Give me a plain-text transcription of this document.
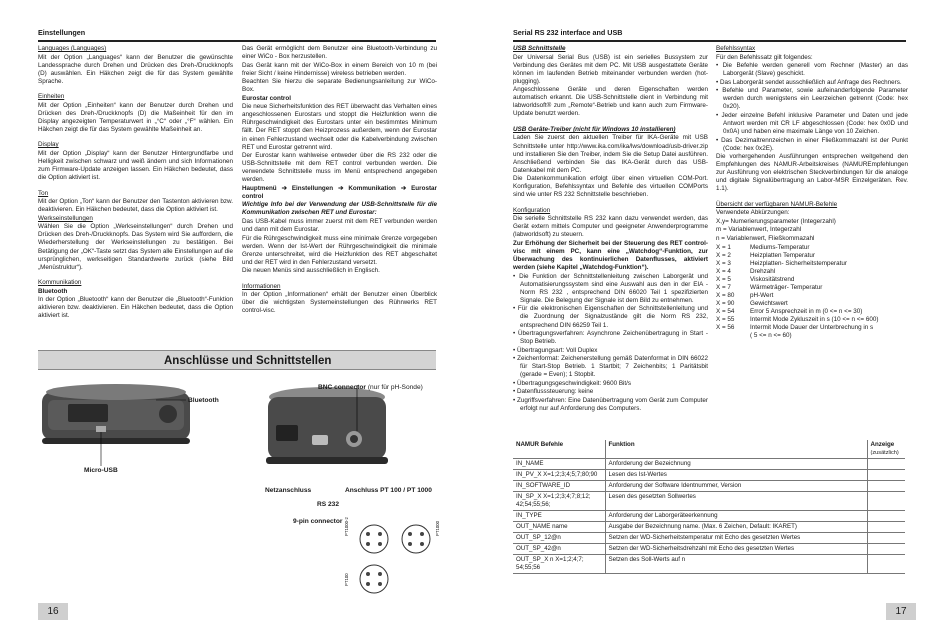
Einstellungen

Languages (Languages)

Mit der Option „Languages“ kann der Benutzer die gewünschte Landessprache durch Drehen und Drücken des Dreh-/Druckknopfs (D) auswählen. Ein Häkchen zeigt die für das System gewählte Sprache.

Einheiten

Mit der Option „Einheiten“ kann der Benutzer durch Drehen und Drücken des Dreh-/Druckknopfs (D) die Maßeinheit für den im Display angezeigten Temperaturwert in „°C“ oder „°F“ wählen. Ein Häkchen zeigt die für das System gewählte Maßeinheit an.

Display

Mit der Option „Display“ kann der Benutzer Hintergrundfarbe und Helligkeit zwischen schwarz und weiß ändern und sich Informationen zum Firmware-Update anzeigen lassen. Ein Häkchen bedeutet, dass die Option aktiviert ist.

Ton

Mit der Option „Ton“ kann der Benutzer den Tastenton aktivieren bzw. deaktivieren. Ein Häkchen bedeutet, dass die Option aktiviert ist.

Werkseinstellungen

Wählen Sie die Option „Werkseinstellungen“ durch Drehen und Drücken des Dreh-/Druckknopfs. Das System wird Sie auffordern, die Wiederherstellung der Werkseinstellungen zu bestätigen. Bei Betätigung der „OK“-Taste setzt das System alle Einstellungen auf die ursprünglichen, werkseitigen Standardwerte zurück (siehe Bild „Menüstruktur“).

Kommunikation

Bluetooth

In der Option „Bluetooth“ kann der Benutzer die „Bluetooth“-Funktion aktivieren bzw. deaktivieren. Ein Häkchen bedeutet, dass die Option aktiviert ist.

Das Gerät ermöglicht dem Benutzer eine Bluetooth-Verbindung zu einer WiCo - Box herzustellen.

Das Gerät kann mit der WiCo-Box in einem Bereich von 10 m (bei freier Sicht / keine Hindernisse) wireless betrieben werden.

Beachten Sie hierzu die separate Bedienungsanleitung zur WiCo-Box.

Eurostar control

Die neue Sicherheitsfunktion des RET überwacht das Verhalten eines angeschlossenen Eurostars und stoppt die Heizfunktion wenn die Rührgeschwindigkeit des Eurostars unter ein bestimmtes Minimum fällt. Der RET stoppt den Heizprozess außerdem, wenn der Eurostar in einen Fehlerzustand wechselt oder die Kabelverbindung zwischen RET und Eurostar getrennt wird.

Der Eurostar kann wahlweise entweder über die RS 232 oder die USB-Schnittstelle mit dem RET control verbunden werden. Die verwendete Schnittstelle muss im Menü entsprechend angegeben werden.

Hauptmenü ➔ Einstellungen ➔ Kommunikation ➔ Eurostar control

Wichtige Info bei der Verwendung der USB-Schnittstelle für die Kommunikation zwischen RET und Eurostar:

Das USB-Kabel muss immer zuerst mit dem RET verbunden werden und dann mit dem Eurostar.

Für die Rührgeschwindigkeit muss eine minimale Grenze vorgegeben werden. Wenn der Ist-Wert der Rührgeschwindigkeit die minimale Grenze unterschreitet, wird die Heizfunktion des RET abgeschaltet und der RET wird in den Fehlerzustand versetzt.

Die neuen Menüs sind ausschließlich in Englisch.

Informationen

In der Option „Informationen“ erhält der Benutzer einen Überblick über die wichtigsten Systemeinstellungen des Rührwerks RET control-visc.

Anschlüsse und Schnittstellen
Bluetooth
Micro-USB
BNC connector (nur für pH-Sonde)
Netzanschluss	Anschluss PT 100 / PT 1000
RS 232
9-pin connector PT1000-2	PT1000
PT100
16
Serial RS 232 interface and USB

USB Schnittstelle

Der Universal Serial Bus (USB) ist ein serielles Bussystem zur Verbindung des Gerätes mit dem PC. Mit USB ausgestattete Geräte können im laufenden Betrieb miteinander verbunden werden (hot-plugging).

Angeschlossene Geräte und deren Eigenschaften werden automatisch erkannt. Die USB-Schnittstelle dient in Verbindung mit labworldsoft® zum „Remote“-Betrieb und kann auch zum Firmware-Update benutzt werden.

USB Geräte-Treiber (nicht für Windows 10 installieren)

Laden Sie zuerst den aktuellen Treiber für IKA-Geräte mit USB Schnittstelle unter http://www.ika.com/ika/lws/download/usb-driver.zip und installieren Sie den Treiber, indem Sie die Setup Datei ausführen. Anschließend verbinden Sie das IKA-Gerät durch das USB-Datenkabel mit dem PC.

Die Datenkommunikation erfolgt über einen virtuellen COM-Port. Konfiguration, Befehlssyntax und Befehle des virtuellen COMPorts sind wie unter RS 232 Schnittstelle beschrieben.

Konfiguration

Die serielle Schnittstelle RS 232 kann dazu verwendet werden, das Gerät extern mittels Computer und geeigneter Anwenderprogramme (labworldsoft) zu steuern.

Zur Erhöhung der Sicherheit bei der Steuerung des RET control-visc mit einem PC, kann eine „Watchdog“-Funktion, zur Überwachung des kontinuierlichen Datenflusses, aktiviert werden (siehe Kapitel „Watchdog-Funktion“).

• Die Funktion der Schnittstellenleitung zwischen Laborgerät und Automatisierungssystem sind eine Auswahl aus den in der EIA - Norm RS 232 , entsprechend DIN 66020 Teil 1 spezifizierten Signale. Die Belegung der Signale ist dem Bild zu entnehmen.

• Für die elektronischen Eigenschaften der Schnittstellenleitung und die Zuordnung der Signalzustände gilt die Norm RS 232, entsprechend DIN 66259 Teil 1.

• Übertragungsverfahren: Asynchrone Zeichenübertragung in Start - Stop Betrieb.

• Übertragungsart: Voll Duplex

• Zeichenformat: Zeichenerstellung gemäß Datenformat in DIN 66022 für Start-Stop Betrieb. 1 Startbit; 7 Zeichenbits; 1 Paritätsbit (gerade = Even); 1 Stopbit.

• Übertragungsgeschwindigkeit: 9600 Bit/s

• Datenflusssteuerung: keine

• Zugriffsverfahren: Eine Datenübertragung vom Gerät zum Computer erfolgt nur auf Anforderung des Computers.

Befehlssyntax

Für den Befehlssatz gilt folgendes:

• Die Befehle werden generell vom Rechner (Master) an das Laborgerät (Slave) geschickt.

• Das Laborgerät sendet ausschließlich auf Anfrage des Rechners.

• Befehle und Parameter, sowie aufeinanderfolgende Parameter werden durch wenigstens ein Leerzeichen getrennt (Code: hex 0x20).

• Jeder einzelne Befehl inklusive Parameter und Daten und jede Antwort werden mit CR LF abgeschlossen (Code: hex 0x0D und 0x0A) und haben eine maximale Länge von 10 Zeichen.

• Das Dezimaltrennzeichen in einer Fließkommazahl ist der Punkt (Code: hex 0x2E).

Die vorhergehenden Ausführungen entsprechen weitgehend den Empfehlungen des NAMUR-Arbeitskreises (NAMUREmpfehlungen zur Ausführung von elektrischen Steckverbindungen für die analoge und digitale Signalübertragung an Labor-MSR Einzelgeräten. Rev. 1.1).

Übersicht der verfügbaren NAMUR-Befehle

Verwendete Abkürzungen:

X,y= Numerierungsparameter (Integerzahl)

m = Variablenwert, Integerzahl

n = Variablenwert, Fließkommazahl

X = 1	Mediums-Temperatur
X = 2	Heizplatten Temperatur
X = 3	Heizplatten- Sicherheitstemperatur
X = 4	Drehzahl
X = 5	Viskositätstrend
X = 7	Wärmeträger- Temperatur
X = 80	pH-Wert
X = 90	Gewichtswert
X = 54	Error 5 Ansprechzeit in m (0 <= n <= 30)
X = 55	Intermit Mode Zykluszeit in s (10 <= n <= 600)
X = 56	Intermit Mode Dauer der Unterbrechung in s
( 5 <= n <= 60)
17
NAMUR Befehle	Funktion	Anzeige
(zusätzlich)
IN_NAME	Anforderung der Bezeichnung	
IN_PV_X X=1;2;3;4;5;7;80;90	Lesen des Ist-Wertes	
IN_SOFTWARE_ID	Anforderung der Software Identnummer, Version	
IN_SP_X X=1;2;3;4;7;8;12;
42;54;55;56;	Lesen des gesetzten Sollwertes	
IN_TYPE	Anforderung der Laborgeräteerkennung	
OUT_NAME name	Ausgabe der Bezeichnung name. (Max. 6 Zeichen, Default: IKARET)	
OUT_SP_12@n	Setzen der WD-Sicherheitstemperatur mit Echo des gesetzten Wertes	
OUT_SP_42@n	Setzen der WD-Sicherheitsdrehzahl mit Echo des gesetzten Wertes	
OUT_SP_X n X=1;2;4;7;
54;55;56	Setzen des Soll-Werts auf n	
